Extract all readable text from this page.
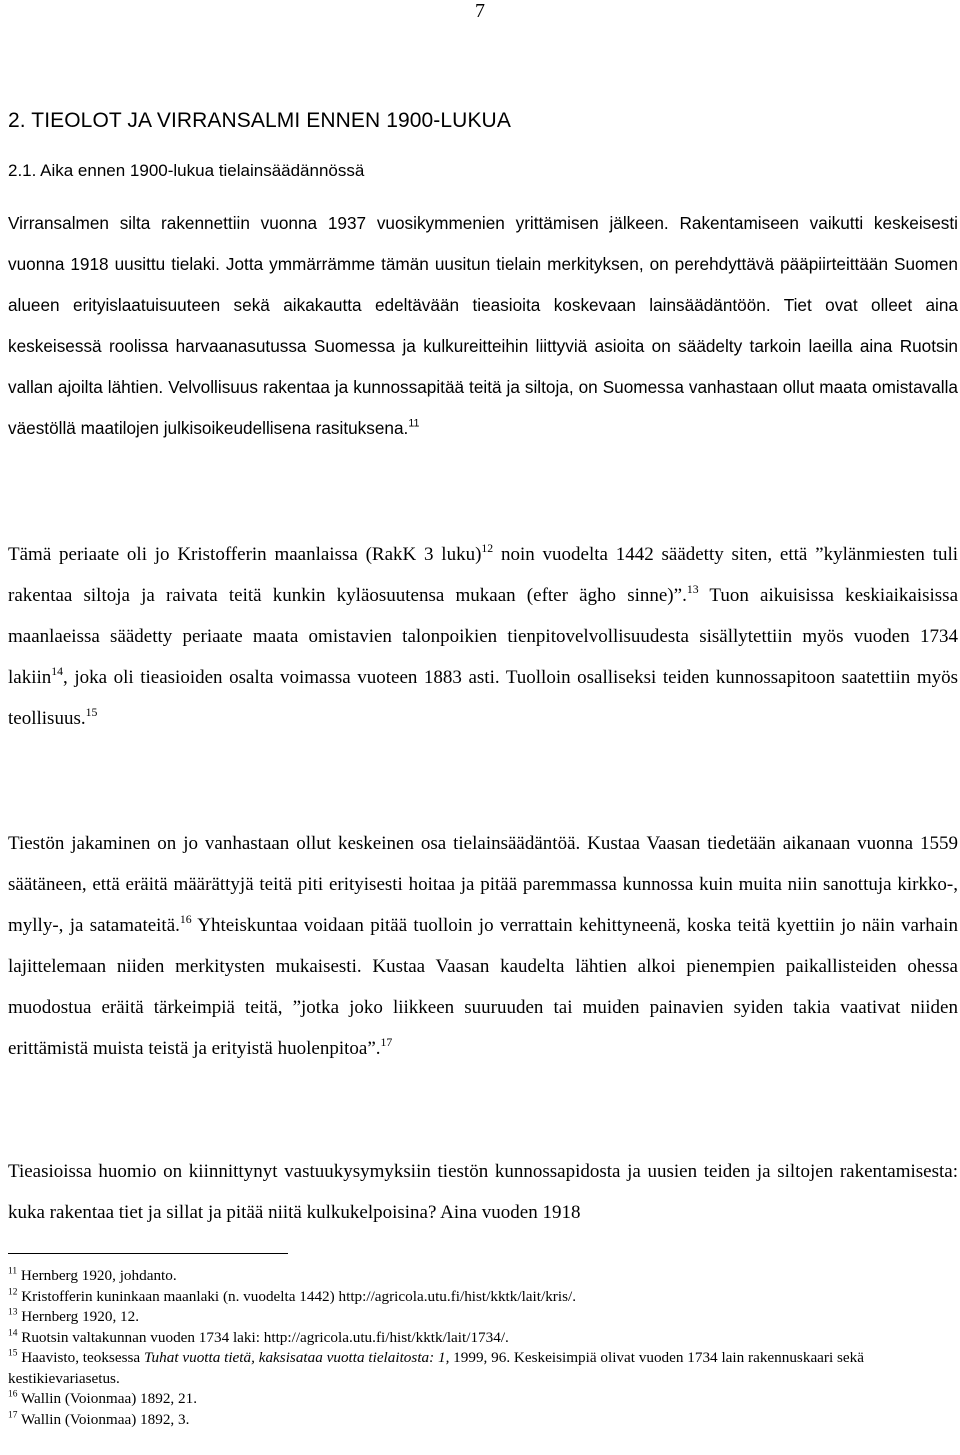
7
2. TIEOLOT JA VIRRANSALMI ENNEN 1900-LUKUA
2.1. Aika ennen 1900-lukua tielainsäädännössä

Virransalmen silta rakennettiin vuonna 1937 vuosikymmenien yrittämisen jälkeen. Rakentamiseen vaikutti keskeisesti vuonna 1918 uusittu tielaki. Jotta ymmärrämme tämän uusitun tielain merkityksen, on perehdyttävä pääpiirteittään Suomen alueen erityislaatuisuuteen sekä aikakautta edeltävään tieasioita koskevaan lainsäädäntöön. Tiet ovat olleet aina keskeisessä roolissa harvaanasutussa Suomessa ja kulkureitteihin liittyviä asioita on säädelty tarkoin laeilla aina Ruotsin vallan ajoilta lähtien. Velvollisuus rakentaa ja kunnossapitää teitä ja siltoja, on Suomessa vanhastaan ollut maata omistavalla väestöllä maatilojen julkisoikeudellisena rasituksena.$^{11}$

Tämä periaate oli jo Kristofferin maanlaissa (RakK 3 luku)$^{12}$ noin vuodelta 1442 säädetty siten, että ”kylänmiesten tuli rakentaa siltoja ja raivata teitä kunkin kyläosuutensa mukaan (efter ägho sinne)”.$^{13}$ Tuon aikuisissa keskiaikaisissa maanlaeissa säädetty periaate maata omistavien talonpoikien tienpitovelvollisuudesta sisällytettiin myös vuoden 1734 lakiin$^{14}$, joka oli tieasioiden osalta voimassa vuoteen 1883 asti. Tuolloin osalliseksi teiden kunnossapitoon saatettiin myös teollisuus.$^{15}$

Tiestön jakaminen on jo vanhastaan ollut keskeinen osa tielainsäädäntöä. Kustaa Vaasan tiedetään aikanaan vuonna 1559 säätäneen, että eräitä määrättyjä teitä piti erityisesti hoitaa ja pitää paremmassa kunnossa kuin muita niin sanottuja kirkko-, mylly-, ja satamateitä.$^{16}$ Yhteiskuntaa voidaan pitää tuolloin jo verrattain kehittyneenä, koska teitä kyettiin jo näin varhain lajittelemaan niiden merkitysten mukaisesti. Kustaa Vaasan kaudelta lähtien alkoi pienempien paikallisteiden ohessa muodostua eräitä tärkeimpiä teitä, ”jotka joko liikkeen suuruuden tai muiden painavien syiden takia vaativat niiden erittämistä muista teistä ja erityistä huolenpitoa”.$^{17}$

Tieasioissa huomio on kiinnittynyt vastuukysymyksiin tiestön kunnossapidosta ja uusien teiden ja siltojen rakentamisesta: kuka rakentaa tiet ja sillat ja pitää niitä kulkukelpoisina? Aina vuoden 1918

$^{11}$ Hernberg 1920, johdanto.
$^{12}$ Kristofferin kuninkaan maanlaki (n. vuodelta 1442) http://agricola.utu.fi/hist/kktk/lait/kris/.
$^{13}$ Hernberg 1920, 12.
$^{14}$ Ruotsin valtakunnan vuoden 1734 laki: http://agricola.utu.fi/hist/kktk/lait/1734/.
$^{15}$ Haavisto, teoksessa Tuhat vuotta tietä, kaksisataa vuotta tielaitosta: 1, 1999, 96. Keskeisimpiä olivat vuoden 1734 lain rakennuskaari sekä kestikievariasetus.
$^{16}$ Wallin (Voionmaa) 1892, 21.
$^{17}$ Wallin (Voionmaa) 1892, 3.
